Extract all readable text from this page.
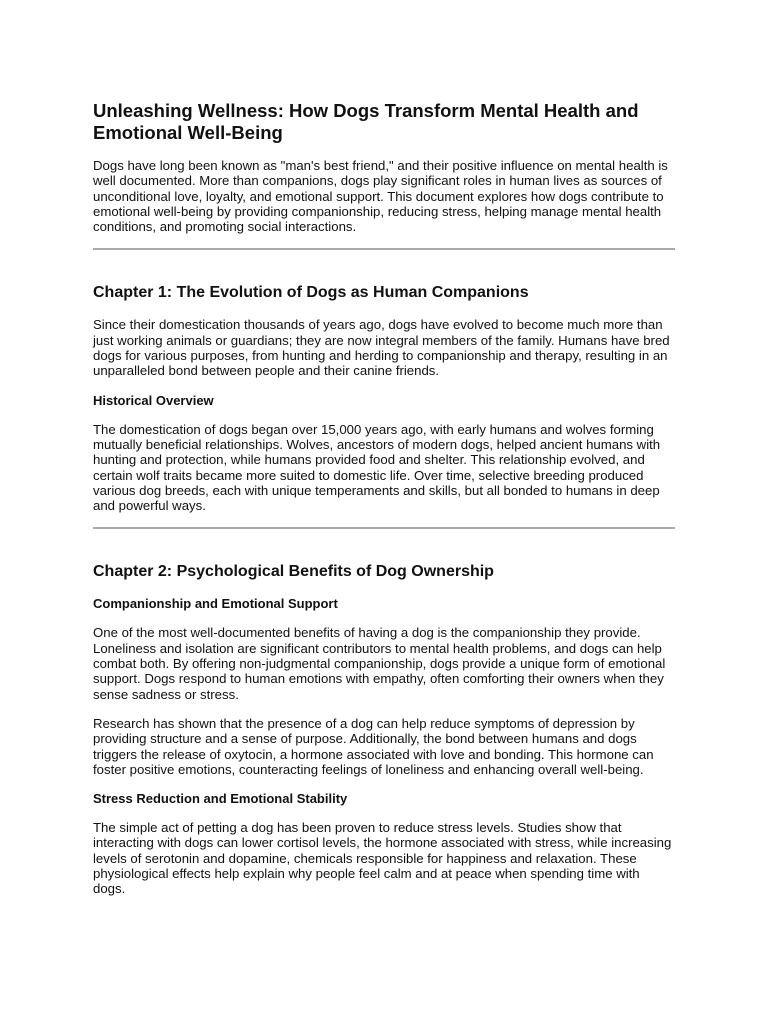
Unleashing Wellness: How Dogs Transform Mental Health and Emotional Well-Being

Dogs have long been known as "man's best friend," and their positive influence on mental health is well documented. More than companions, dogs play significant roles in human lives as sources of unconditional love, loyalty, and emotional support. This document explores how dogs contribute to emotional well-being by providing companionship, reducing stress, helping manage mental health conditions, and promoting social interactions.

Chapter 1: The Evolution of Dogs as Human Companions

Since their domestication thousands of years ago, dogs have evolved to become much more than just working animals or guardians; they are now integral members of the family. Humans have bred dogs for various purposes, from hunting and herding to companionship and therapy, resulting in an unparalleled bond between people and their canine friends.

Historical Overview

The domestication of dogs began over 15,000 years ago, with early humans and wolves forming mutually beneficial relationships. Wolves, ancestors of modern dogs, helped ancient humans with hunting and protection, while humans provided food and shelter. This relationship evolved, and certain wolf traits became more suited to domestic life. Over time, selective breeding produced various dog breeds, each with unique temperaments and skills, but all bonded to humans in deep and powerful ways.

Chapter 2: Psychological Benefits of Dog Ownership
Companionship and Emotional Support

One of the most well-documented benefits of having a dog is the companionship they provide. Loneliness and isolation are significant contributors to mental health problems, and dogs can help combat both. By offering non-judgmental companionship, dogs provide a unique form of emotional support. Dogs respond to human emotions with empathy, often comforting their owners when they sense sadness or stress.

Research has shown that the presence of a dog can help reduce symptoms of depression by providing structure and a sense of purpose. Additionally, the bond between humans and dogs triggers the release of oxytocin, a hormone associated with love and bonding. This hormone can foster positive emotions, counteracting feelings of loneliness and enhancing overall well-being.

Stress Reduction and Emotional Stability

The simple act of petting a dog has been proven to reduce stress levels. Studies show that interacting with dogs can lower cortisol levels, the hormone associated with stress, while increasing levels of serotonin and dopamine, chemicals responsible for happiness and relaxation. These physiological effects help explain why people feel calm and at peace when spending time with dogs.
